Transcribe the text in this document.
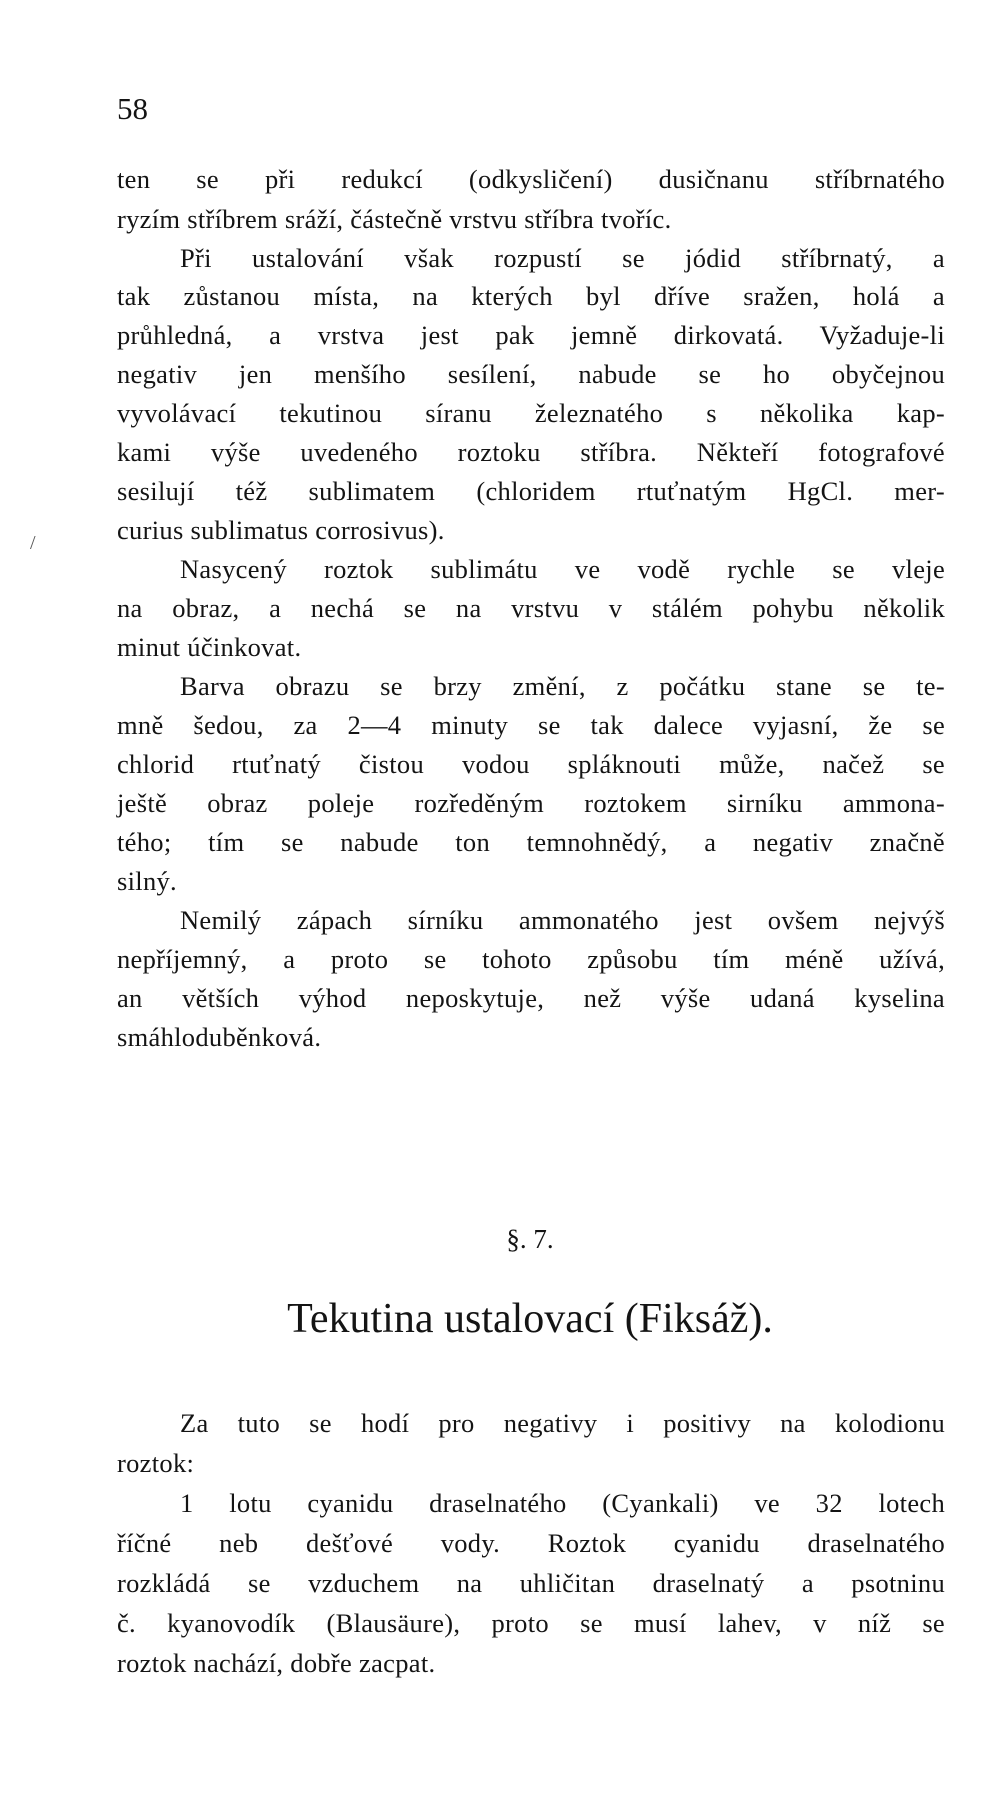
58
/
ten se při redukcí (odkysličení) dusičnanu stříbrnatého
ryzím stříbrem sráží, částečně vrstvu stříbra tvoříc.
Při ustalování však rozpustí se jódid stříbrnatý, a
tak zůstanou místa, na kterých byl dříve sražen, holá a
průhledná, a vrstva jest pak jemně dirkovatá. Vyžaduje-li
negativ jen menšího sesílení, nabude se ho obyčejnou
vyvolávací tekutinou síranu železnatého s několika kap-
kami výše uvedeného roztoku stříbra. Někteří fotografové
sesilují též sublimatem (chloridem rtuťnatým HgCl. mer-
curius sublimatus corrosivus).
Nasycený roztok sublimátu ve vodě rychle se vleje
na obraz, a nechá se na vrstvu v stálém pohybu několik
minut účinkovat.
Barva obrazu se brzy změní, z počátku stane se te-
mně šedou, za 2—4 minuty se tak dalece vyjasní, že se
chlorid rtuťnatý čistou vodou spláknouti může, načež se
ještě obraz poleje rozředěným roztokem sirníku ammona-
tého; tím se nabude ton temnohnědý, a negativ značně
silný.
Nemilý zápach sírníku ammonatého jest ovšem nejvýš
nepříjemný, a proto se tohoto způsobu tím méně užívá,
an větších výhod neposkytuje, než výše udaná kyselina
smáhloduběnková.
§. 7.
Tekutina ustalovací (Fiksáž).
Za tuto se hodí pro negativy i positivy na kolodionu
roztok:
1 lotu cyanidu draselnatého (Cyankali) ve 32 lotech
říčné neb dešťové vody. Roztok cyanidu draselnatého
rozkládá se vzduchem na uhličitan draselnatý a psotninu
č. kyanovodík (Blausäure), proto se musí lahev, v níž se
roztok nachází, dobře zacpat.
